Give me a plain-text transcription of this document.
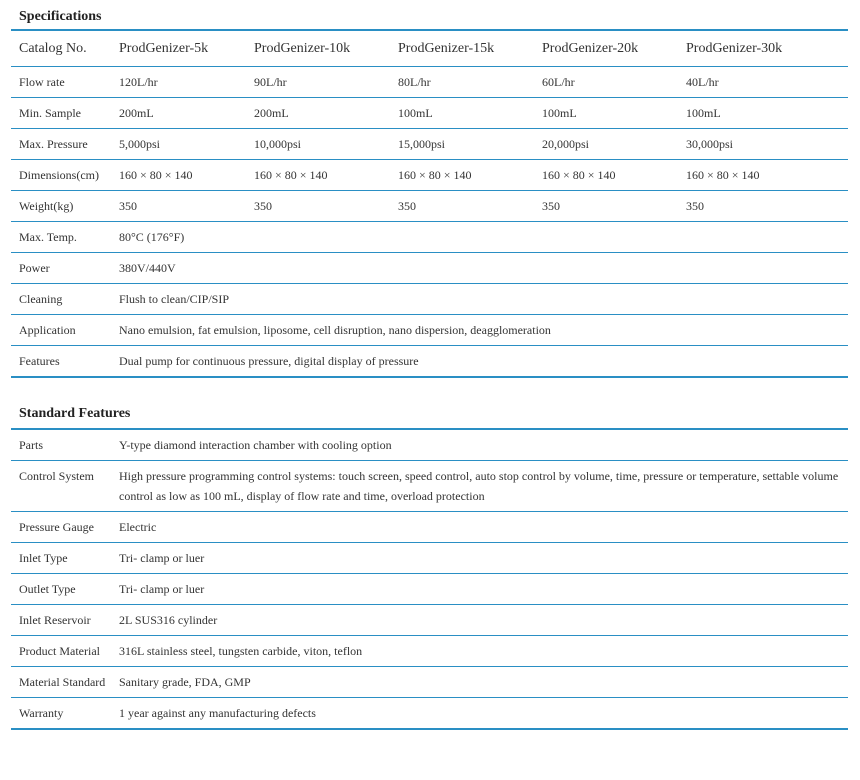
Specifications
Catalog No.	ProdGenizer-5k	ProdGenizer-10k	ProdGenizer-15k	ProdGenizer-20k	ProdGenizer-30k

Flow rate	120L/hr	90L/hr	80L/hr	60L/hr	40L/hr

Min. Sample	200mL	200mL	100mL	100mL	100mL

Max. Pressure	5,000psi	10,000psi	15,000psi	20,000psi	30,000psi

Dimensions(cm)	160 × 80 × 140	160 × 80 × 140	160 × 80 × 140	160 × 80 × 140	160 × 80 × 140

Weight(kg)	350	350	350	350	350

Max. Temp.	80°C (176°F)				

Power	380V/440V				

Cleaning	Flush to clean/CIP/SIP				

Application	Nano emulsion, fat emulsion, liposome, cell disruption, nano dispersion, deagglomeration				

Features	Dual pump for continuous pressure, digital display of pressure				
Standard Features
Parts	Y-type diamond interaction chamber with cooling option

Control System	High pressure programming control systems: touch screen, speed control, auto stop control by volume, time, pressure or temperature, settable volume control as low as 100 mL, display of flow rate and time, overload protection

Pressure Gauge	Electric

Inlet Type	Tri- clamp or luer

Outlet Type	Tri- clamp or luer

Inlet Reservoir	2L SUS316 cylinder

Product Material	316L stainless steel, tungsten carbide, viton, teflon

Material Standard	Sanitary grade, FDA, GMP

Warranty	1 year against any manufacturing defects
